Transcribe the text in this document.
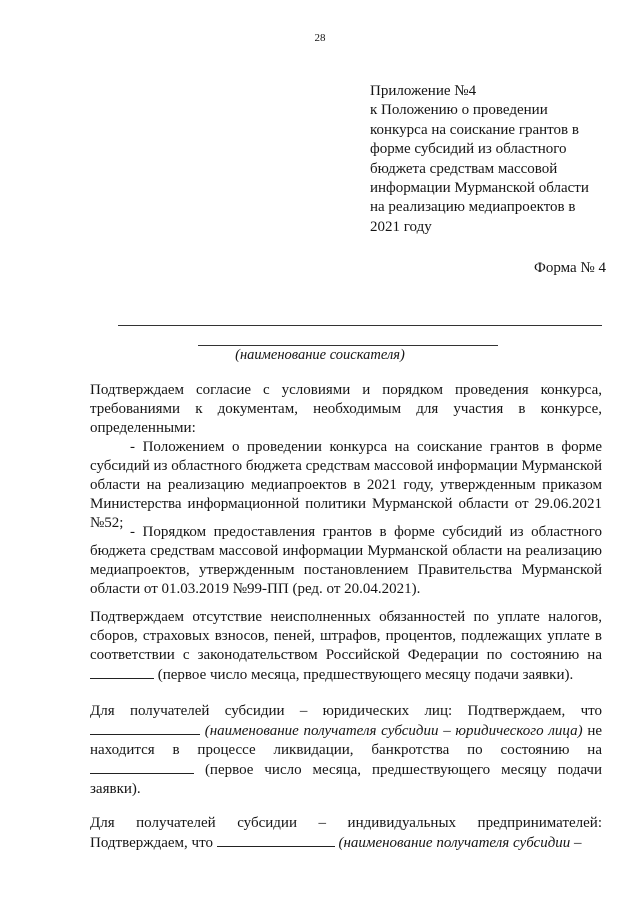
28
Приложение №4
к Положению о проведении
конкурса на соискание грантов в
форме субсидий из областного
бюджета средствам массовой
информации Мурманской области
на реализацию медиапроектов в
2021 году
Форма № 4
(наименование соискателя)

Подтверждаем согласие с условиями и порядком проведения конкурса, требованиями к документам, необходимым для участия в конкурсе, определенными:

- Положением о проведении конкурса на соискание грантов в форме субсидий из областного бюджета средствам массовой информации Мурманской области на реализацию медиапроектов в 2021 году, утвержденным приказом Министерства информационной политики Мурманской области от 29.06.2021 №52;

- Порядком предоставления грантов в форме субсидий из областного бюджета средствам массовой информации Мурманской области на реализацию медиапроектов, утвержденным постановлением Правительства Мурманской области от 01.03.2019 №99-ПП (ред. от 20.04.2021).

Подтверждаем отсутствие неисполненных обязанностей по уплате налогов, сборов, страховых взносов, пеней, штрафов, процентов, подлежащих уплате в соответствии с законодательством Российской Федерации по состоянию на  (первое число месяца, предшествующего месяцу подачи заявки).

Для получателей субсидии – юридических лиц: Подтверждаем, что  (наименование получателя субсидии – юридического лица) не находится в процессе ликвидации, банкротства по состоянию на  (первое число месяца, предшествующего месяцу подачи заявки).

Для получателей субсидии – индивидуальных предпринимателей: Подтверждаем, что	(наименование получателя субсидии –
